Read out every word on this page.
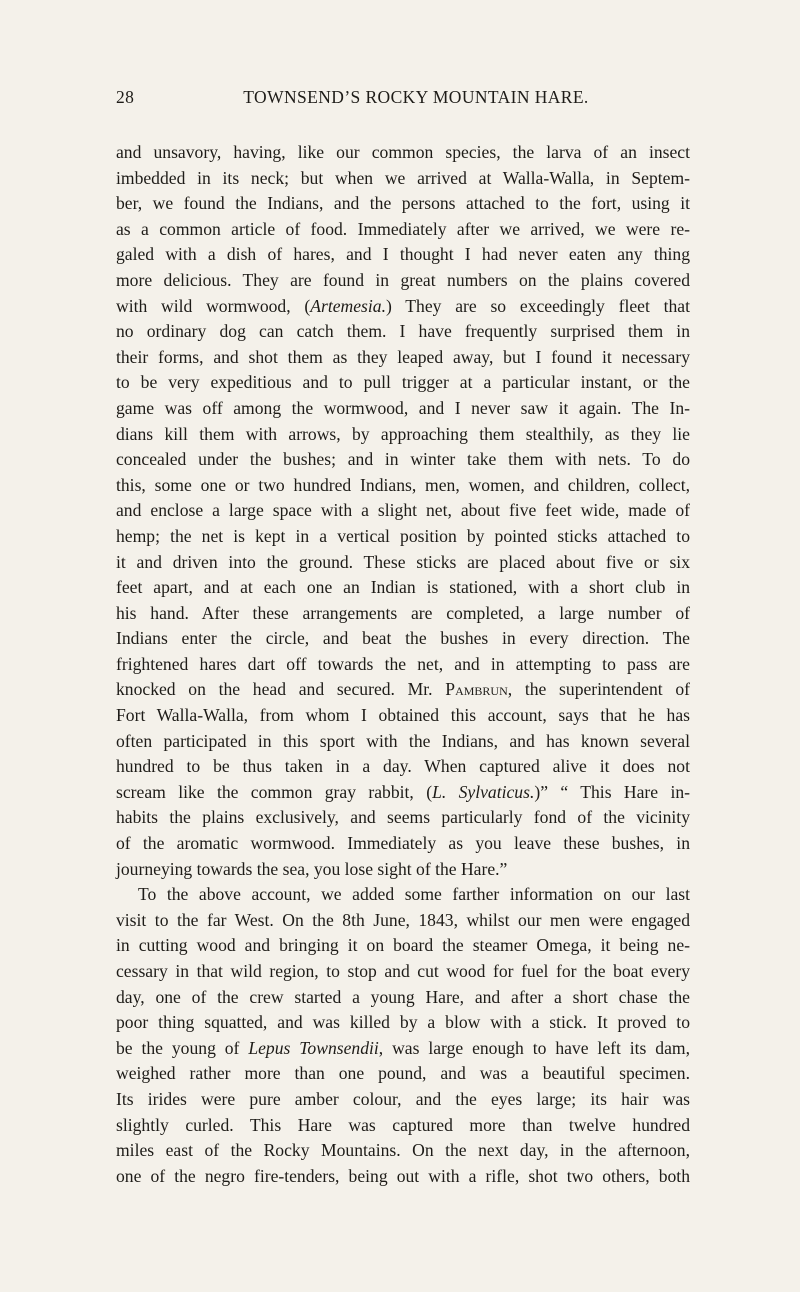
28	TOWNSEND’S ROCKY MOUNTAIN HARE.
and unsavory, having, like our common species, the larva of an insect
imbedded in its neck; but when we arrived at Walla-Walla, in Septem-
ber, we found the Indians, and the persons attached to the fort, using it
as a common article of food. Immediately after we arrived, we were re-
galed with a dish of hares, and I thought I had never eaten any thing
more delicious. They are found in great numbers on the plains covered
with wild wormwood, (Artemesia.) They are so exceedingly fleet that
no ordinary dog can catch them. I have frequently surprised them in
their forms, and shot them as they leaped away, but I found it necessary
to be very expeditious and to pull trigger at a particular instant, or the
game was off among the wormwood, and I never saw it again. The In-
dians kill them with arrows, by approaching them stealthily, as they lie
concealed under the bushes; and in winter take them with nets. To do
this, some one or two hundred Indians, men, women, and children, collect,
and enclose a large space with a slight net, about five feet wide, made of
hemp; the net is kept in a vertical position by pointed sticks attached to
it and driven into the ground. These sticks are placed about five or six
feet apart, and at each one an Indian is stationed, with a short club in
his hand. After these arrangements are completed, a large number of
Indians enter the circle, and beat the bushes in every direction. The
frightened hares dart off towards the net, and in attempting to pass are
knocked on the head and secured. Mr. Pambrun, the superintendent of
Fort Walla-Walla, from whom I obtained this account, says that he has
often participated in this sport with the Indians, and has known several
hundred to be thus taken in a day. When captured alive it does not
scream like the common gray rabbit, (L. Sylvaticus.)” “ This Hare in-
habits the plains exclusively, and seems particularly fond of the vicinity
of the aromatic wormwood. Immediately as you leave these bushes, in
journeying towards the sea, you lose sight of the Hare.”
To the above account, we added some farther information on our last
visit to the far West. On the 8th June, 1843, whilst our men were engaged
in cutting wood and bringing it on board the steamer Omega, it being ne-
cessary in that wild region, to stop and cut wood for fuel for the boat every
day, one of the crew started a young Hare, and after a short chase the
poor thing squatted, and was killed by a blow with a stick. It proved to
be the young of Lepus Townsendii, was large enough to have left its dam,
weighed rather more than one pound, and was a beautiful specimen.
Its irides were pure amber colour, and the eyes large; its hair was
slightly curled. This Hare was captured more than twelve hundred
miles east of the Rocky Mountains. On the next day, in the afternoon,
one of the negro fire-tenders, being out with a rifle, shot two others, both
